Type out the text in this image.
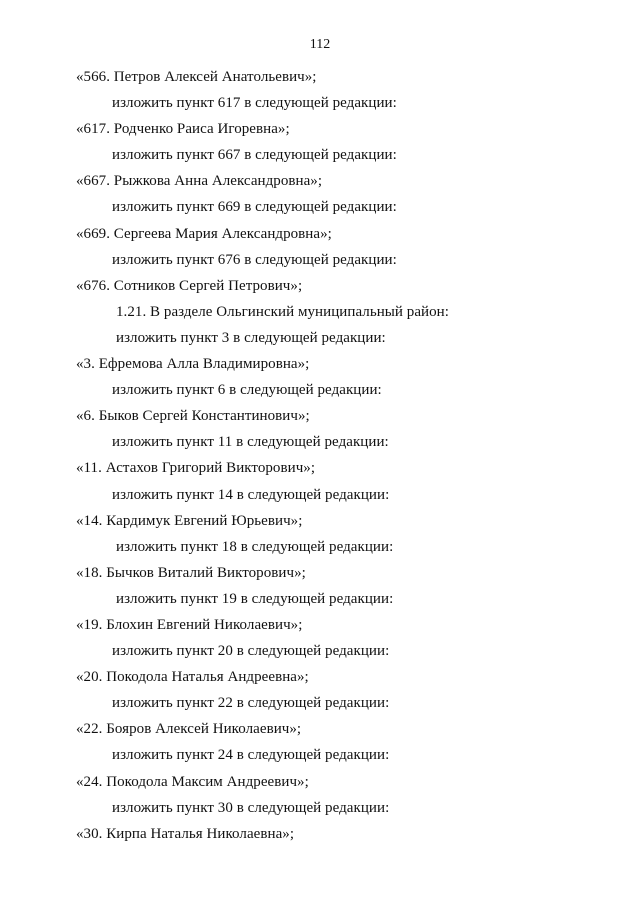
112
«566. Петров Алексей Анатольевич»;
изложить пункт 617 в следующей редакции:
«617. Родченко Раиса Игоревна»;
изложить пункт 667 в следующей редакции:
«667. Рыжкова Анна Александровна»;
изложить пункт 669 в следующей редакции:
«669. Сергеева Мария Александровна»;
изложить пункт 676 в следующей редакции:
«676. Сотников Сергей Петрович»;
1.21. В разделе Ольгинский муниципальный район:
изложить пункт 3 в следующей редакции:
«3. Ефремова Алла Владимировна»;
изложить пункт 6 в следующей редакции:
«6. Быков Сергей Константинович»;
изложить пункт 11 в следующей редакции:
«11. Астахов Григорий Викторович»;
изложить пункт 14 в следующей редакции:
«14. Кардимук Евгений Юрьевич»;
изложить пункт 18 в следующей редакции:
«18. Бычков Виталий Викторович»;
изложить пункт 19 в следующей редакции:
«19. Блохин Евгений Николаевич»;
изложить пункт 20 в следующей редакции:
«20. Покодола Наталья Андреевна»;
изложить пункт 22 в следующей редакции:
«22. Бояров Алексей Николаевич»;
изложить пункт 24 в следующей редакции:
«24. Покодола Максим Андреевич»;
изложить пункт 30 в следующей редакции:
«30. Кирпа Наталья Николаевна»;
